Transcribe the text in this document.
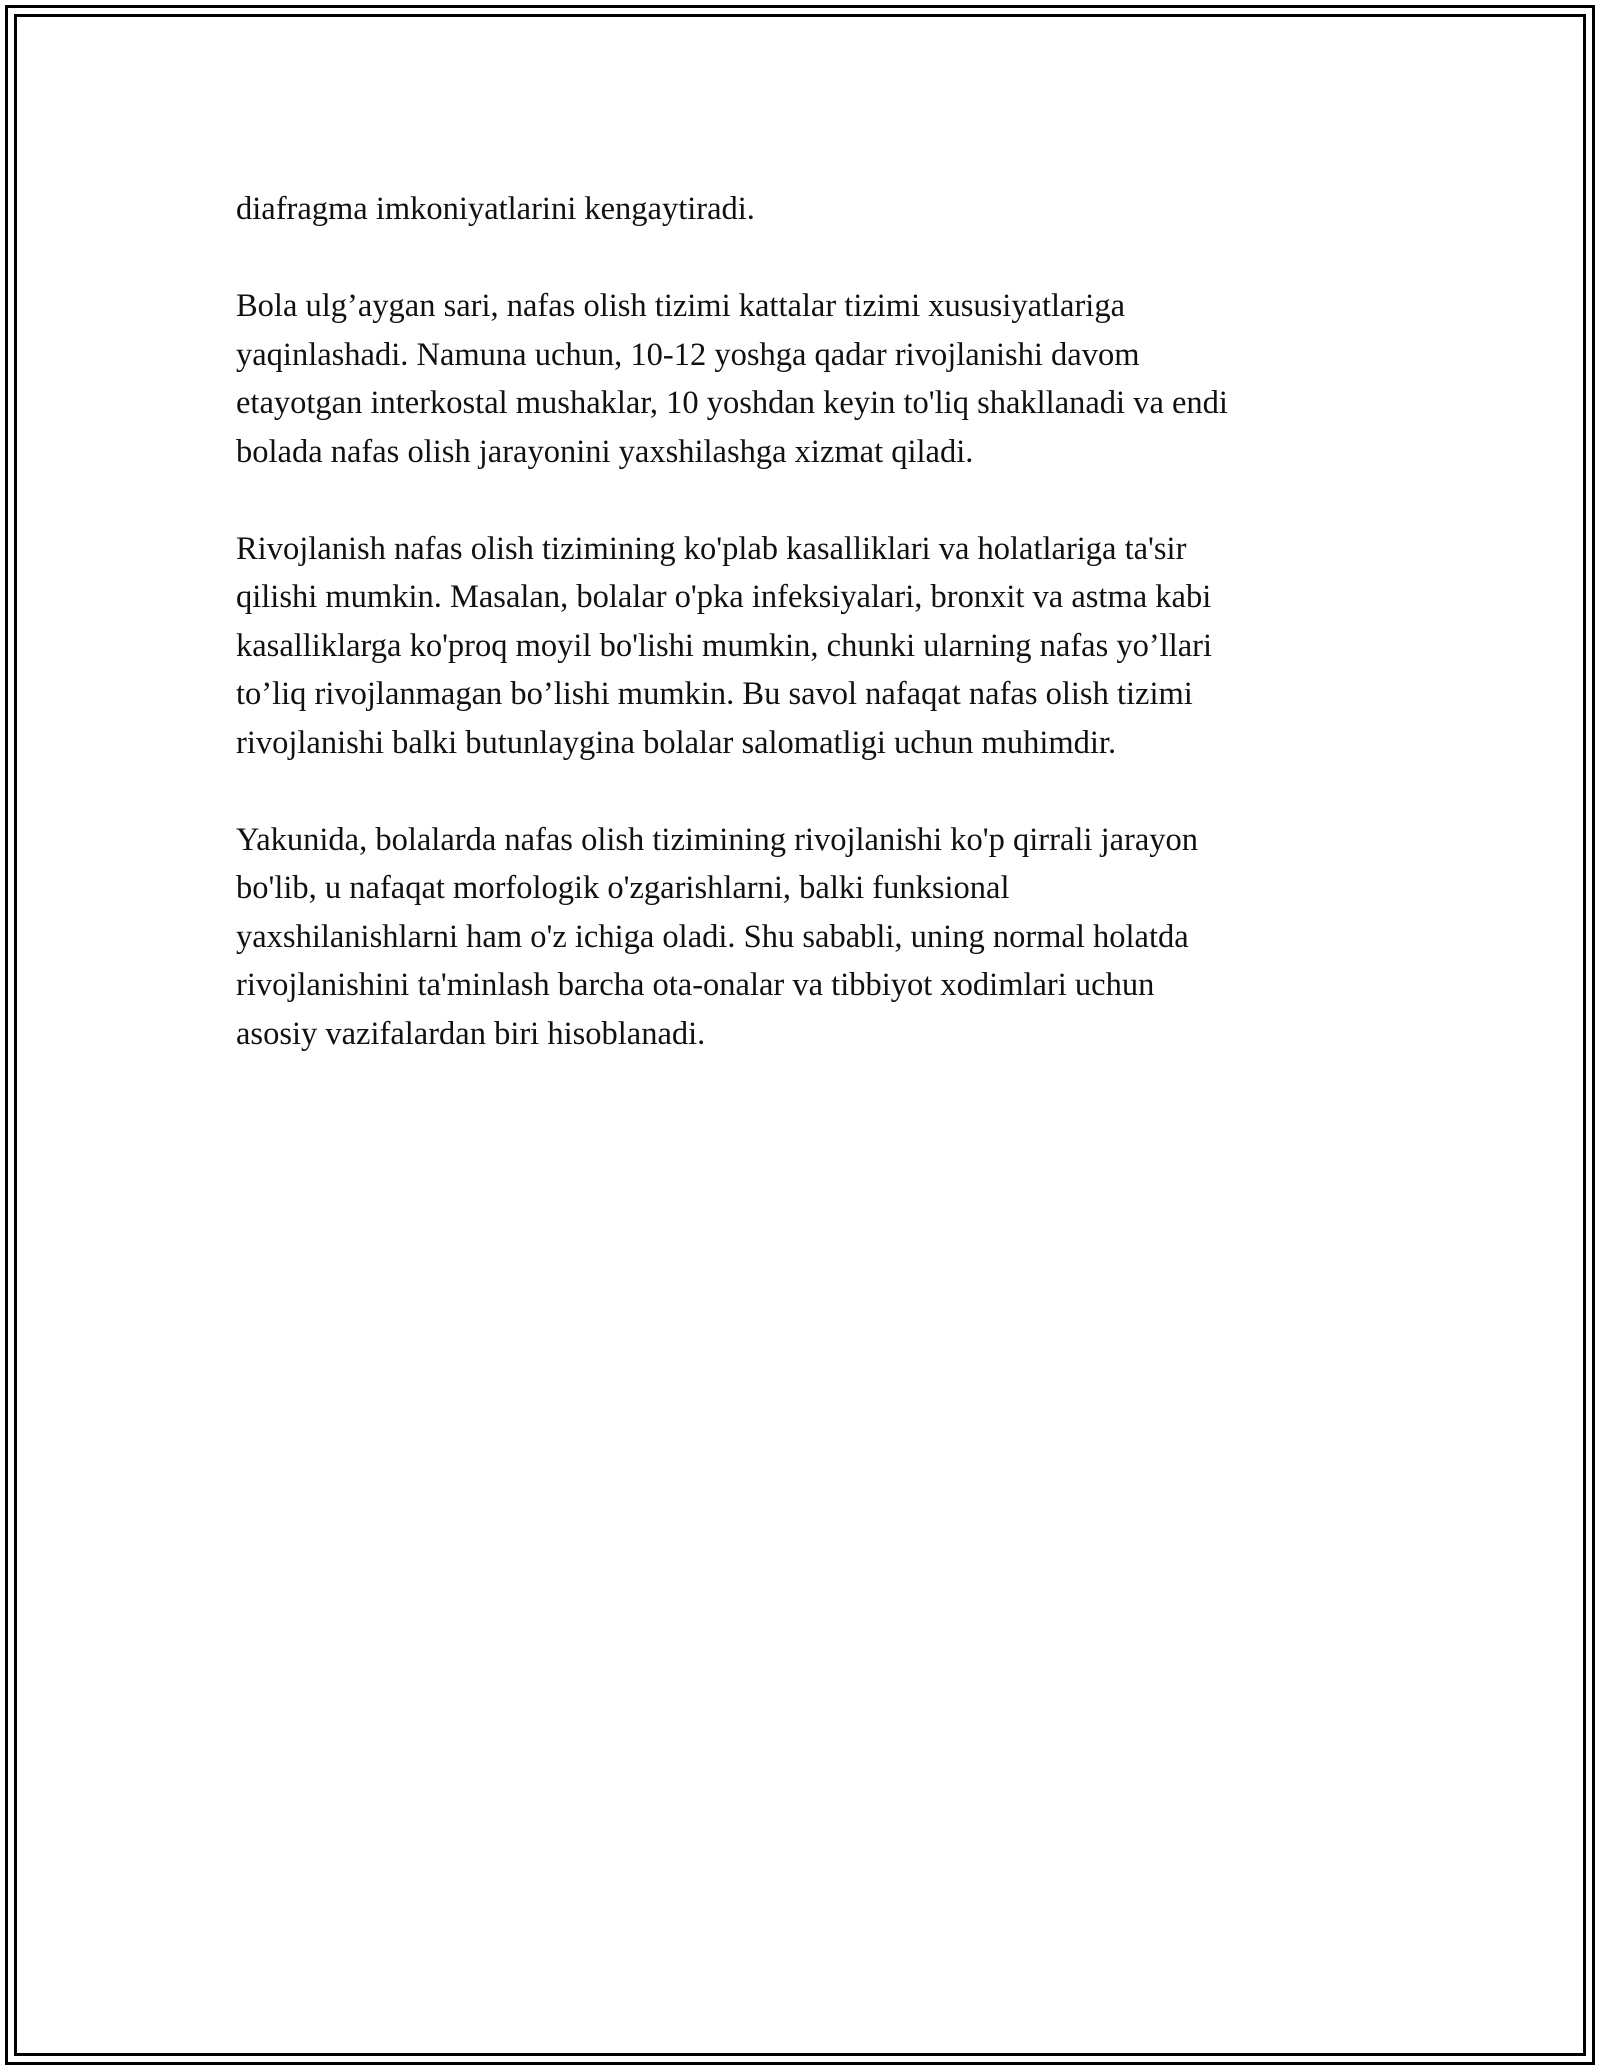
diafragma imkoniyatlarini kengaytiradi.

Bola ulg’aygan sari, nafas olish tizimi kattalar tizimi xususiyatlariga
yaqinlashadi. Namuna uchun, 10-12 yoshga qadar rivojlanishi davom
etayotgan interkostal mushaklar, 10 yoshdan keyin to'liq shakllanadi va endi
bolada nafas olish jarayonini yaxshilashga xizmat qiladi.

Rivojlanish nafas olish tizimining ko'plab kasalliklari va holatlariga ta'sir
qilishi mumkin. Masalan, bolalar o'pka infeksiyalari, bronxit va astma kabi
kasalliklarga ko'proq moyil bo'lishi mumkin, chunki ularning nafas yo’llari
to’liq rivojlanmagan bo’lishi mumkin. Bu savol nafaqat nafas olish tizimi
rivojlanishi balki butunlaygina bolalar salomatligi uchun muhimdir.

Yakunida, bolalarda nafas olish tizimining rivojlanishi ko'p qirrali jarayon
bo'lib, u nafaqat morfologik o'zgarishlarni, balki funksional
yaxshilanishlarni ham o'z ichiga oladi. Shu sababli, uning normal holatda
rivojlanishini ta'minlash barcha ota-onalar va tibbiyot xodimlari uchun
asosiy vazifalardan biri hisoblanadi.
